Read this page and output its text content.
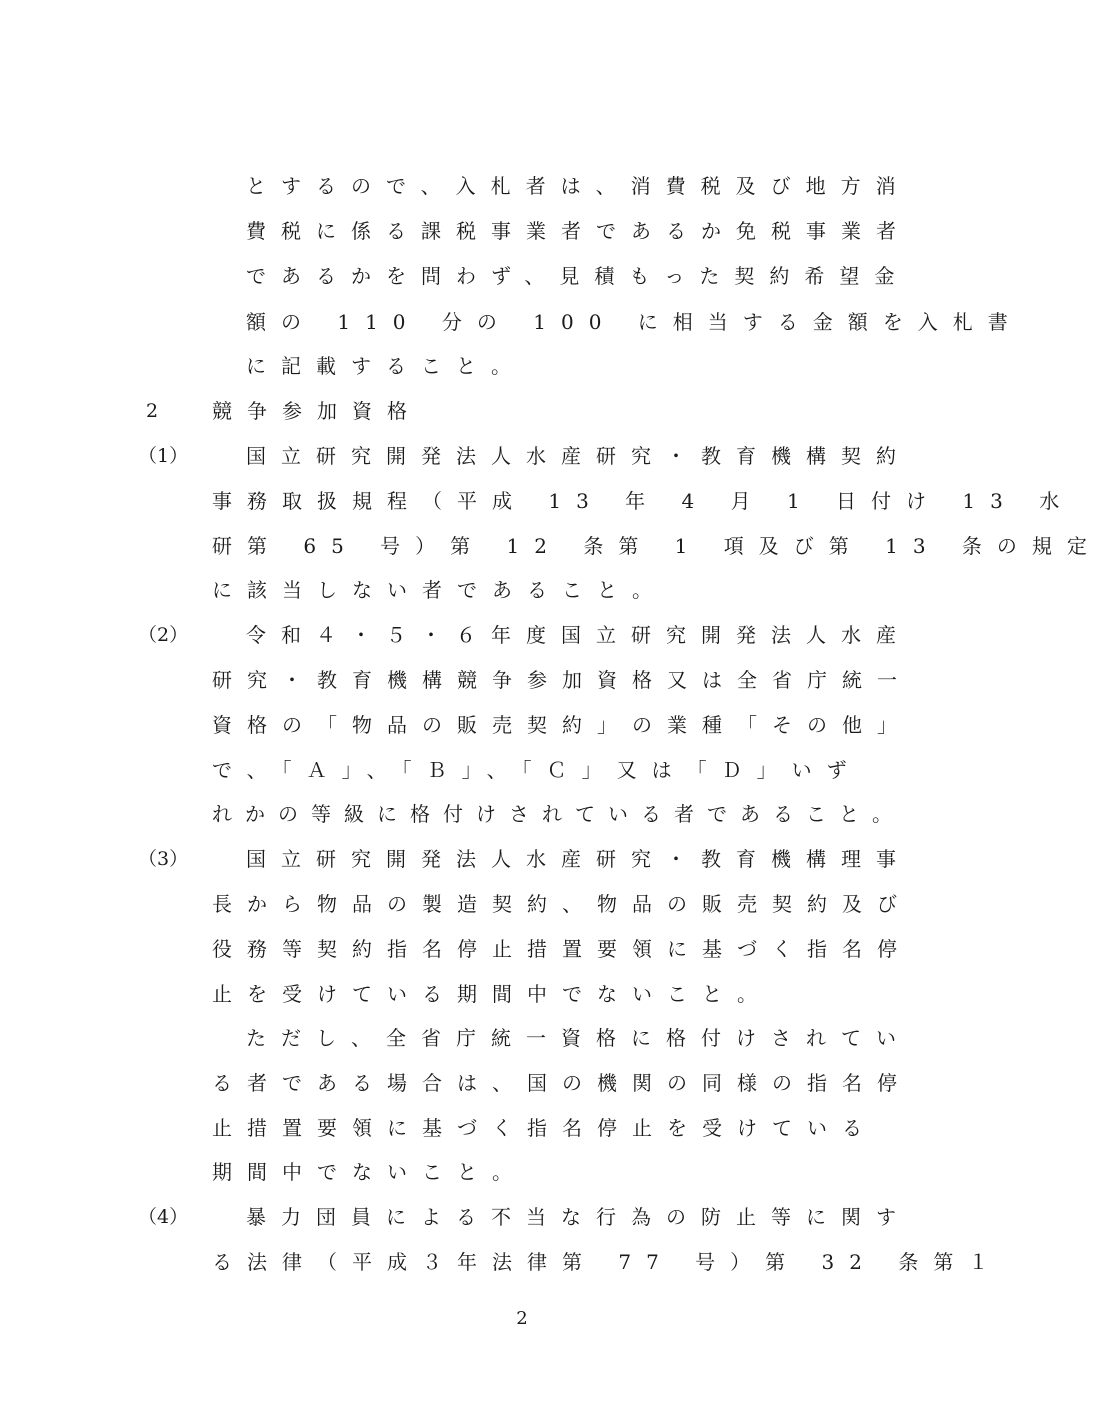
とするので、入札者は、消費税及び地方消
費税に係る課税事業者であるか免税事業者
であるかを問わず、見積もった契約希望金
額の 110 分の 100 に相当する金額を入札書
に記載すること。
2	競争参加資格
（1）	国立研究開発法人水産研究・教育機構契約
事務取扱規程（平成 13 年 4 月 1 日付け 13 水
研第 65 号）第 12 条第 1 項及び第 13 条の規定
に該当しない者であること。
（2）	令和４・５・６年度国立研究開発法人水産
研究・教育機構競争参加資格又は全省庁統一
資格の「物品の販売契約」の業種「その他」
で、「Ａ」、「Ｂ」、「Ｃ」又は「Ｄ」いず
れかの等級に格付けされている者であること。
（3）	国立研究開発法人水産研究・教育機構理事
長から物品の製造契約、物品の販売契約及び
役務等契約指名停止措置要領に基づく指名停
止を受けている期間中でないこと。
ただし、全省庁統一資格に格付けされてい
る者である場合は、国の機関の同様の指名停
止措置要領に基づく指名停止を受けている
期間中でないこと。
（4）	暴力団員による不当な行為の防止等に関す
る法律（平成３年法律第 77 号）第 32 条第１
2
